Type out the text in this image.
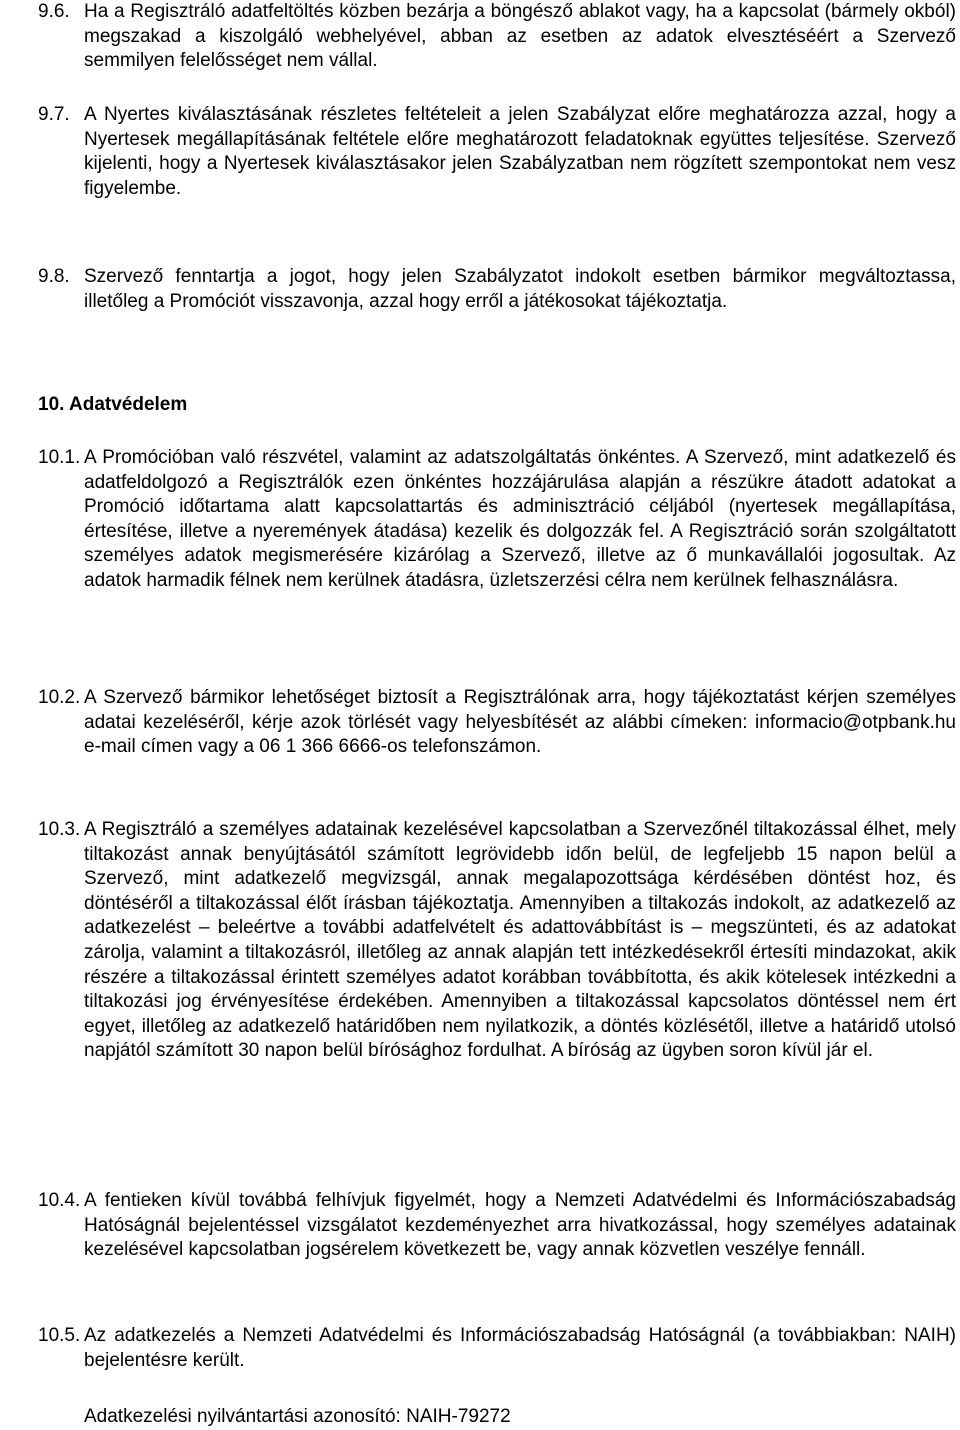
9.6. Ha a Regisztráló adatfeltöltés közben bezárja a böngésző ablakot vagy, ha a kapcsolat (bármely okból) megszakad a kiszolgáló webhelyével, abban az esetben az adatok elvesztéséért a Szervező semmilyen felelősséget nem vállal.
9.7. A Nyertes kiválasztásának részletes feltételeit a jelen Szabályzat előre meghatározza azzal, hogy a Nyertesek megállapításának feltétele előre meghatározott feladatoknak együttes teljesítése. Szervező kijelenti, hogy a Nyertesek kiválasztásakor jelen Szabályzatban nem rögzített szempontokat nem vesz figyelembe.
9.8. Szervező fenntartja a jogot, hogy jelen Szabályzatot indokolt esetben bármikor megváltoztassa, illetőleg a Promóciót visszavonja, azzal hogy erről a játékosokat tájékoztatja.
10. Adatvédelem
10.1. A Promócióban való részvétel, valamint az adatszolgáltatás önkéntes. A Szervező, mint adatkezelő és adatfeldolgozó a Regisztrálók ezen önkéntes hozzájárulása alapján a részükre átadott adatokat a Promóció időtartama alatt kapcsolattartás és adminisztráció céljából (nyertesek megállapítása, értesítése, illetve a nyeremények átadása) kezelik és dolgozzák fel. A Regisztráció során szolgáltatott személyes adatok megismerésére kizárólag a Szervező, illetve az ő munkavállalói jogosultak. Az adatok harmadik félnek nem kerülnek átadásra, üzletszerzési célra nem kerülnek felhasználásra.
10.2. A Szervező bármikor lehetőséget biztosít a Regisztrálónak arra, hogy tájékoztatást kérjen személyes adatai kezeléséről, kérje azok törlését vagy helyesbítését az alábbi címeken: informacio@otpbank.hu e-mail címen vagy a 06 1 366 6666-os telefonszámon.
10.3. A Regisztráló a személyes adatainak kezelésével kapcsolatban a Szervezőnél tiltakozással élhet, mely tiltakozást annak benyújtásától számított legrövidebb időn belül, de legfeljebb 15 napon belül a Szervező, mint adatkezelő megvizsgál, annak megalapozottsága kérdésében döntést hoz, és döntéséről a tiltakozással élőt írásban tájékoztatja. Amennyiben a tiltakozás indokolt, az adatkezelő az adatkezelést – beleértve a további adatfelvételt és adattovábbítást is – megszünteti, és az adatokat zárolja, valamint a tiltakozásról, illetőleg az annak alapján tett intézkedésekről értesíti mindazokat, akik részére a tiltakozással érintett személyes adatot korábban továbbította, és akik kötelesek intézkedni a tiltakozási jog érvényesítése érdekében. Amennyiben a tiltakozással kapcsolatos döntéssel nem ért egyet, illetőleg az adatkezelő határidőben nem nyilatkozik, a döntés közlésétől, illetve a határidő utolsó napjától számított 30 napon belül bírósághoz fordulhat. A bíróság az ügyben soron kívül jár el.
10.4. A fentieken kívül továbbá felhívjuk figyelmét, hogy a Nemzeti Adatvédelmi és Információszabadság Hatóságnál bejelentéssel vizsgálatot kezdeményezhet arra hivatkozással, hogy személyes adatainak kezelésével kapcsolatban jogsérelem következett be, vagy annak közvetlen veszélye fennáll.
10.5. Az adatkezelés a Nemzeti Adatvédelmi és Információszabadság Hatóságnál (a továbbiakban: NAIH) bejelentésre került.
Adatkezelési nyilvántartási azonosító: NAIH-79272
